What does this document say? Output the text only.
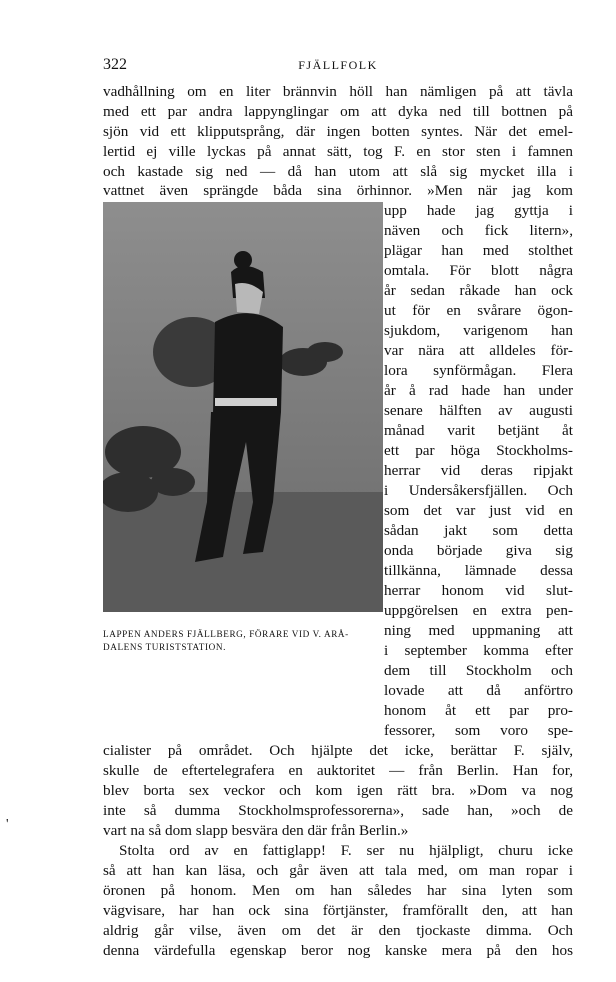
322	FJÄLLFOLK
vadhållning om en liter brännvin höll han nämligen på att tävla
med ett par andra lappynglingar om att dyka ned till bottnen på
sjön vid ett klipputsprång, där ingen botten syntes. När det emel-
lertid ej ville lyckas på annat sätt, tog F. en stor sten i famnen
och kastade sig ned — då han utom att slå sig mycket illa i
vattnet även sprängde båda sina örhinnor. »Men när jag kom
upp hade jag gyttja i
näven och fick litern»,
plägar han med stolthet
omtala. För blott några
år sedan råkade han ock
ut för en svårare ögon-
sjukdom, varigenom han
var nära att alldeles för-
lora synförmågan. Flera
år å rad hade han under
senare hälften av augusti
månad varit betjänt åt
ett par höga Stockholms-
herrar vid deras ripjakt
i Undersåkersfjällen. Och
som det var just vid en
sådan jakt som detta
onda började giva sig
tillkänna, lämnade dessa
herrar honom vid slut-
uppgörelsen en extra pen-
ning med uppmaning att
i september komma efter
dem till Stockholm och
lovade att då anförtro
honom åt ett par pro-
fessorer, som voro spe-
LAPPEN ANDERS FJÄLLBERG, FÖRARE VID V. ARÅ-
DALENS TURISTSTATION.
cialister på området. Och hjälpte det icke, berättar F. själv,
skulle de eftertelegrafera en auktoritet — från Berlin. Han for,
blev borta sex veckor och kom igen rätt bra. »Dom va nog
inte så dumma Stockholmsprofessorerna», sade han, »och de
vart na så dom slapp besvära den där från Berlin.»
Stolta ord av en fattiglapp! F. ser nu hjälpligt, churu icke
så att han kan läsa, och går även att tala med, om man ropar i
öronen på honom. Men om han således har sina lyten som
vägvisare, har han ock sina förtjänster, framförallt den, att han
aldrig går vilse, även om det är den tjockaste dimma. Och
denna värdefulla egenskap beror nog kanske mera på den hos
'
